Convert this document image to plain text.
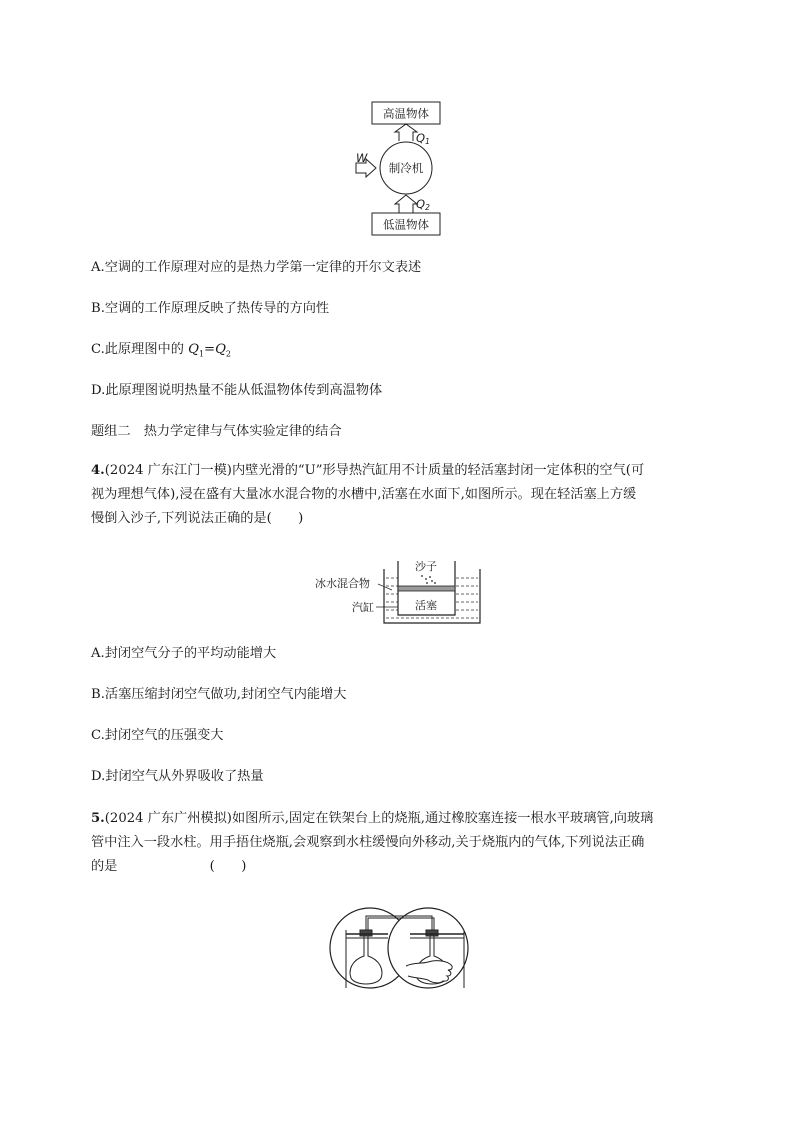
高温物体
Q1
制冷机
W
Q2
低温物体
A.空调的工作原理对应的是热力学第一定律的开尔文表述
B.空调的工作原理反映了热传导的方向性
C.此原理图中的 $Q_1=Q_2$
D.此原理图说明热量不能从低温物体传到高温物体
题组二　热力学定律与气体实验定律的结合
4.(2024 广东江门一模)内壁光滑的“U”形导热汽缸用不计质量的轻活塞封闭一定体积的空气(可
视为理想气体),浸在盛有大量冰水混合物的水槽中,活塞在水面下,如图所示。现在轻活塞上方缓
慢倒入沙子,下列说法正确的是(　　)
沙子
活塞
冰水混合物
汽缸
A.封闭空气分子的平均动能增大
B.活塞压缩封闭空气做功,封闭空气内能增大
C.封闭空气的压强变大
D.封闭空气从外界吸收了热量
5.(2024 广东广州模拟)如图所示,固定在铁架台上的烧瓶,通过橡胶塞连接一根水平玻璃管,向玻璃
管中注入一段水柱。用手捂住烧瓶,会观察到水柱缓慢向外移动,关于烧瓶内的气体,下列说法正确
的是　　　　　　　(　　)
